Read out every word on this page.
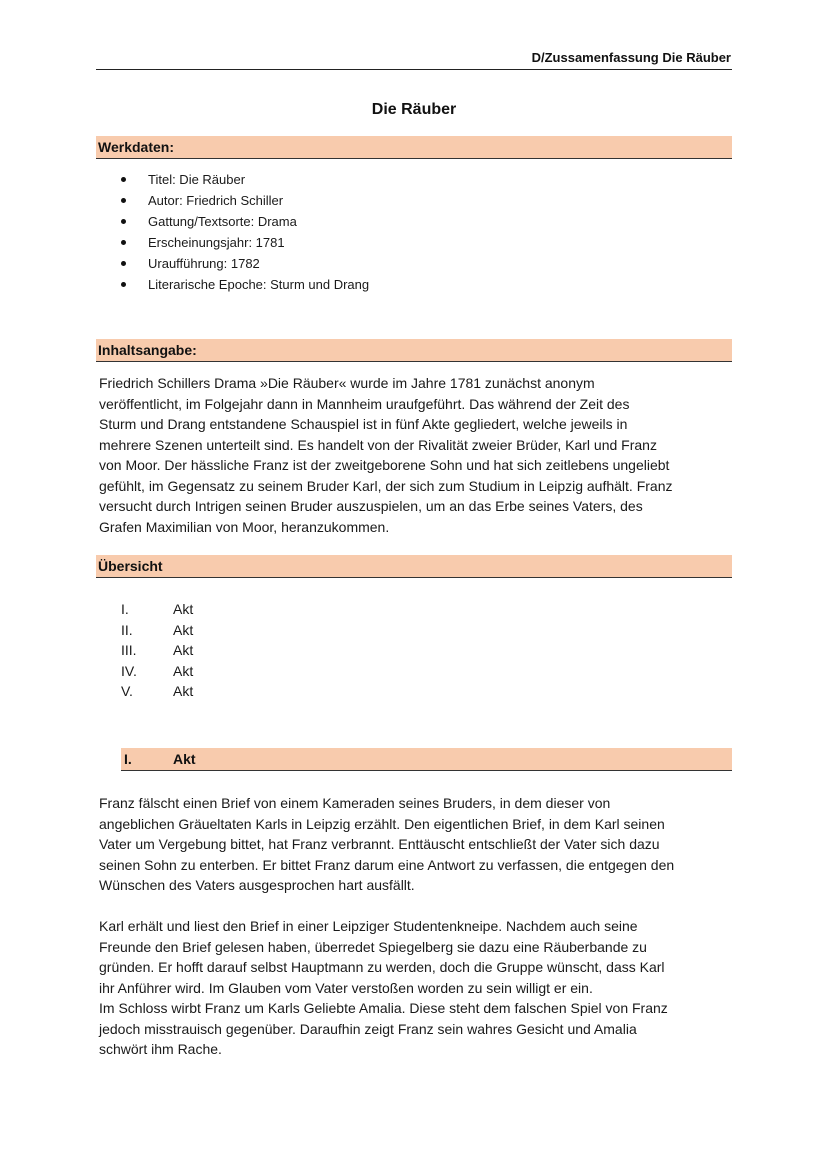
D/Zussamenfassung Die Räuber
Die Räuber
Werkdaten:
Titel: Die Räuber
Autor: Friedrich Schiller
Gattung/Textsorte: Drama
Erscheinungsjahr: 1781
Uraufführung: 1782
Literarische Epoche: Sturm und Drang
Inhaltsangabe:
Friedrich Schillers Drama »Die Räuber« wurde im Jahre 1781 zunächst anonym
veröffentlicht, im Folgejahr dann in Mannheim uraufgeführt. Das während der Zeit des
Sturm und Drang entstandene Schauspiel ist in fünf Akte gegliedert, welche jeweils in
mehrere Szenen unterteilt sind. Es handelt von der Rivalität zweier Brüder, Karl und Franz
von Moor. Der hässliche Franz ist der zweitgeborene Sohn und hat sich zeitlebens ungeliebt
gefühlt, im Gegensatz zu seinem Bruder Karl, der sich zum Studium in Leipzig aufhält. Franz
versucht durch Intrigen seinen Bruder auszuspielen, um an das Erbe seines Vaters, des
Grafen Maximilian von Moor, heranzukommen.
Übersicht
I.	Akt
II.	Akt
III.	Akt
IV.	Akt
V.	Akt
I.	Akt
Franz fälscht einen Brief von einem Kameraden seines Bruders, in dem dieser von
angeblichen Gräueltaten Karls in Leipzig erzählt. Den eigentlichen Brief, in dem Karl seinen
Vater um Vergebung bittet, hat Franz verbrannt. Enttäuscht entschließt der Vater sich dazu
seinen Sohn zu enterben. Er bittet Franz darum eine Antwort zu verfassen, die entgegen den
Wünschen des Vaters ausgesprochen hart ausfällt.
Karl erhält und liest den Brief in einer Leipziger Studentenkneipe. Nachdem auch seine
Freunde den Brief gelesen haben, überredet Spiegelberg sie dazu eine Räuberbande zu
gründen. Er hofft darauf selbst Hauptmann zu werden, doch die Gruppe wünscht, dass Karl
ihr Anführer wird. Im Glauben vom Vater verstoßen worden zu sein willigt er ein.
Im Schloss wirbt Franz um Karls Geliebte Amalia. Diese steht dem falschen Spiel von Franz
jedoch misstrauisch gegenüber. Daraufhin zeigt Franz sein wahres Gesicht und Amalia
schwört ihm Rache.
